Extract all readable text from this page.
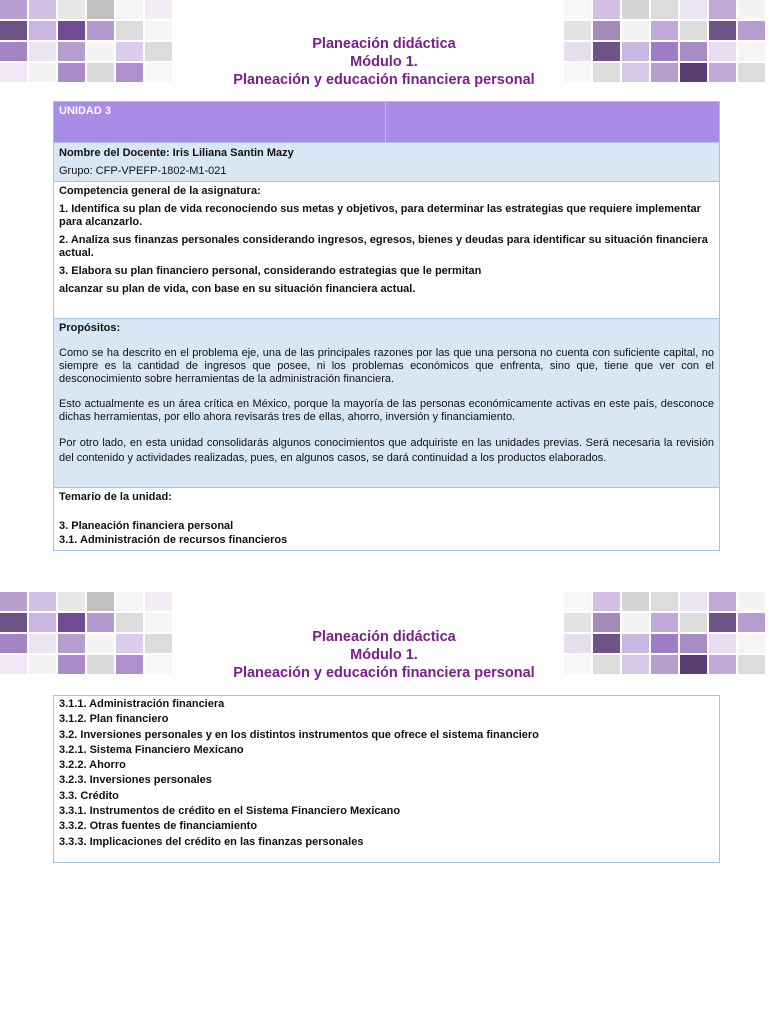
Planeación didáctica
Módulo 1.
Planeación y educación financiera personal
UNIDAD 3	

Nombre del Docente: Iris Liliana Santin Mazy

Grupo: CFP-VPEFP-1802-M1-021

Competencia general de la asignatura:

1. Identifica su plan de vida reconociendo sus metas y objetivos, para determinar las estrategias que requiere implementar para alcanzarlo.

2. Analiza sus finanzas personales considerando ingresos, egresos, bienes y deudas para identificar su situación financiera actual.

3. Elabora su plan financiero personal, considerando estrategias que le permitan

alcanzar su plan de vida, con base en su situación financiera actual.

Propósitos:

Como se ha descrito en el problema eje, una de las principales razones por las que una persona no cuenta con suficiente capital, no siempre es la cantidad de ingresos que posee, ni los problemas económicos que enfrenta, sino que, tiene que ver con el desconocimiento sobre herramientas de la administración financiera.

Esto actualmente es un área crítica en México, porque la mayoría de las personas económicamente activas en este país, desconoce dichas herramientas, por ello ahora revisarás tres de ellas, ahorro, inversión y financiamiento.

Por otro lado, en esta unidad consolidarás algunos conocimientos que adquiriste en las unidades previas. Será necesaria la revisión del contenido y actividades realizadas, pues, en algunos casos, se dará continuidad a los productos elaborados.

Temario de la unidad:

3. Planeación financiera personal

3.1. Administración de recursos financieros

Planeación didáctica
Módulo 1.
Planeación y educación financiera personal
3.1.1. Administración financiera
3.1.2. Plan financiero
3.2. Inversiones personales y en los distintos instrumentos que ofrece el sistema financiero
3.2.1. Sistema Financiero Mexicano
3.2.2. Ahorro
3.2.3. Inversiones personales
3.3. Crédito
3.3.1. Instrumentos de crédito en el Sistema Financiero Mexicano
3.3.2. Otras fuentes de financiamiento
3.3.3. Implicaciones del crédito en las finanzas personales
